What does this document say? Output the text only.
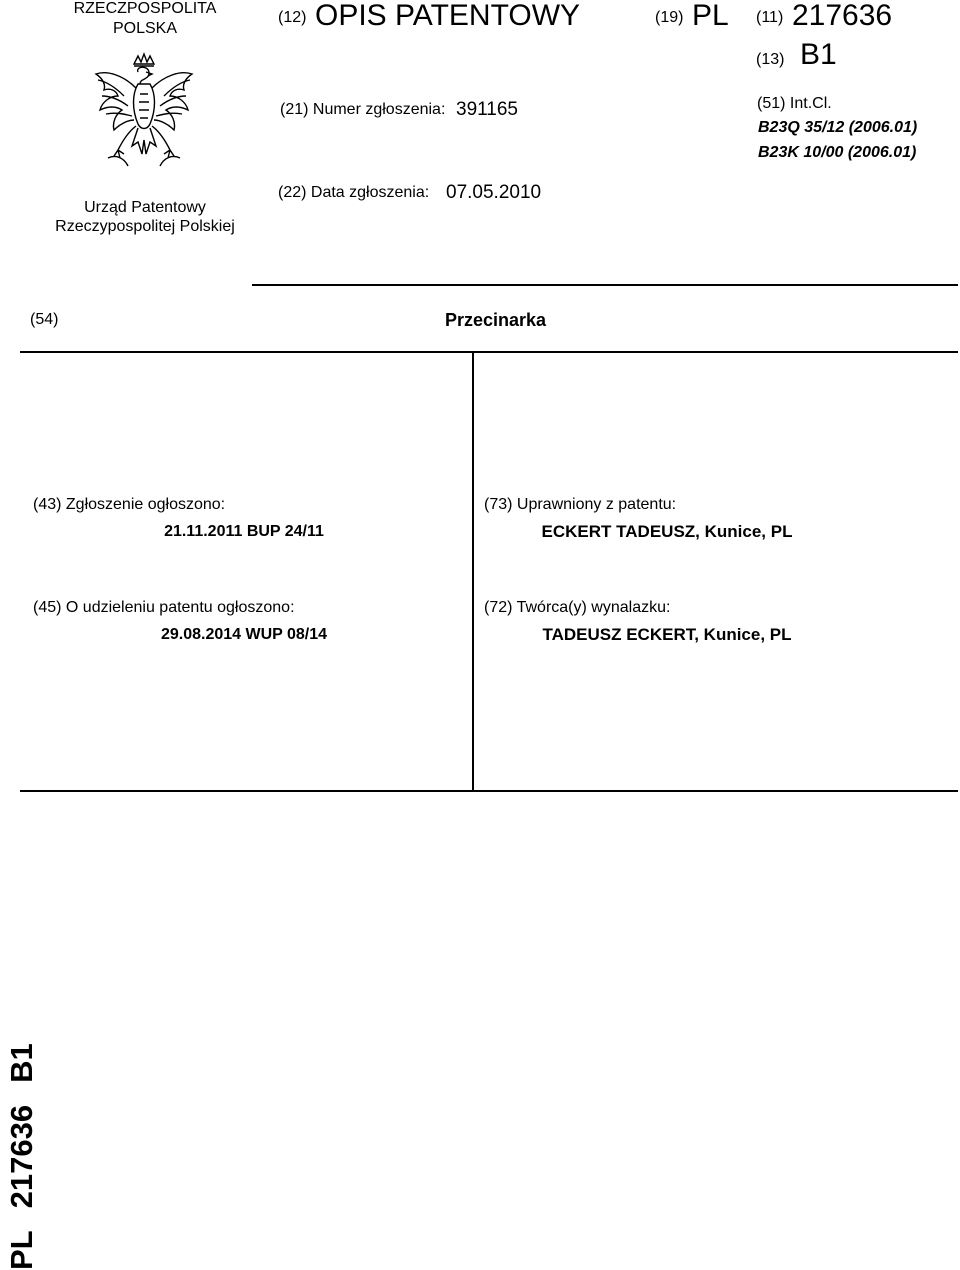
RZECZPOSPOLITA
POLSKA
Urząd Patentowy
Rzeczypospolitej Polskiej
(12) OPIS PATENTOWY	(19) PL
(21) Numer zgłoszenia: 391165
(22) Data zgłoszenia: 07.05.2010
(11) 217636
(13) B1
(51) Int.Cl.
B23Q 35/12 (2006.01)
B23K 10/00 (2006.01)
(54)	Przecinarka
(43) Zgłoszenie ogłoszono:
21.11.2011 BUP 24/11
(45) O udzieleniu patentu ogłoszono:
29.08.2014 WUP 08/14
(73) Uprawniony z patentu:
ECKERT TADEUSZ, Kunice, PL
(72) Twórca(y) wynalazku:
TADEUSZ ECKERT, Kunice, PL
PL
217636
B1
